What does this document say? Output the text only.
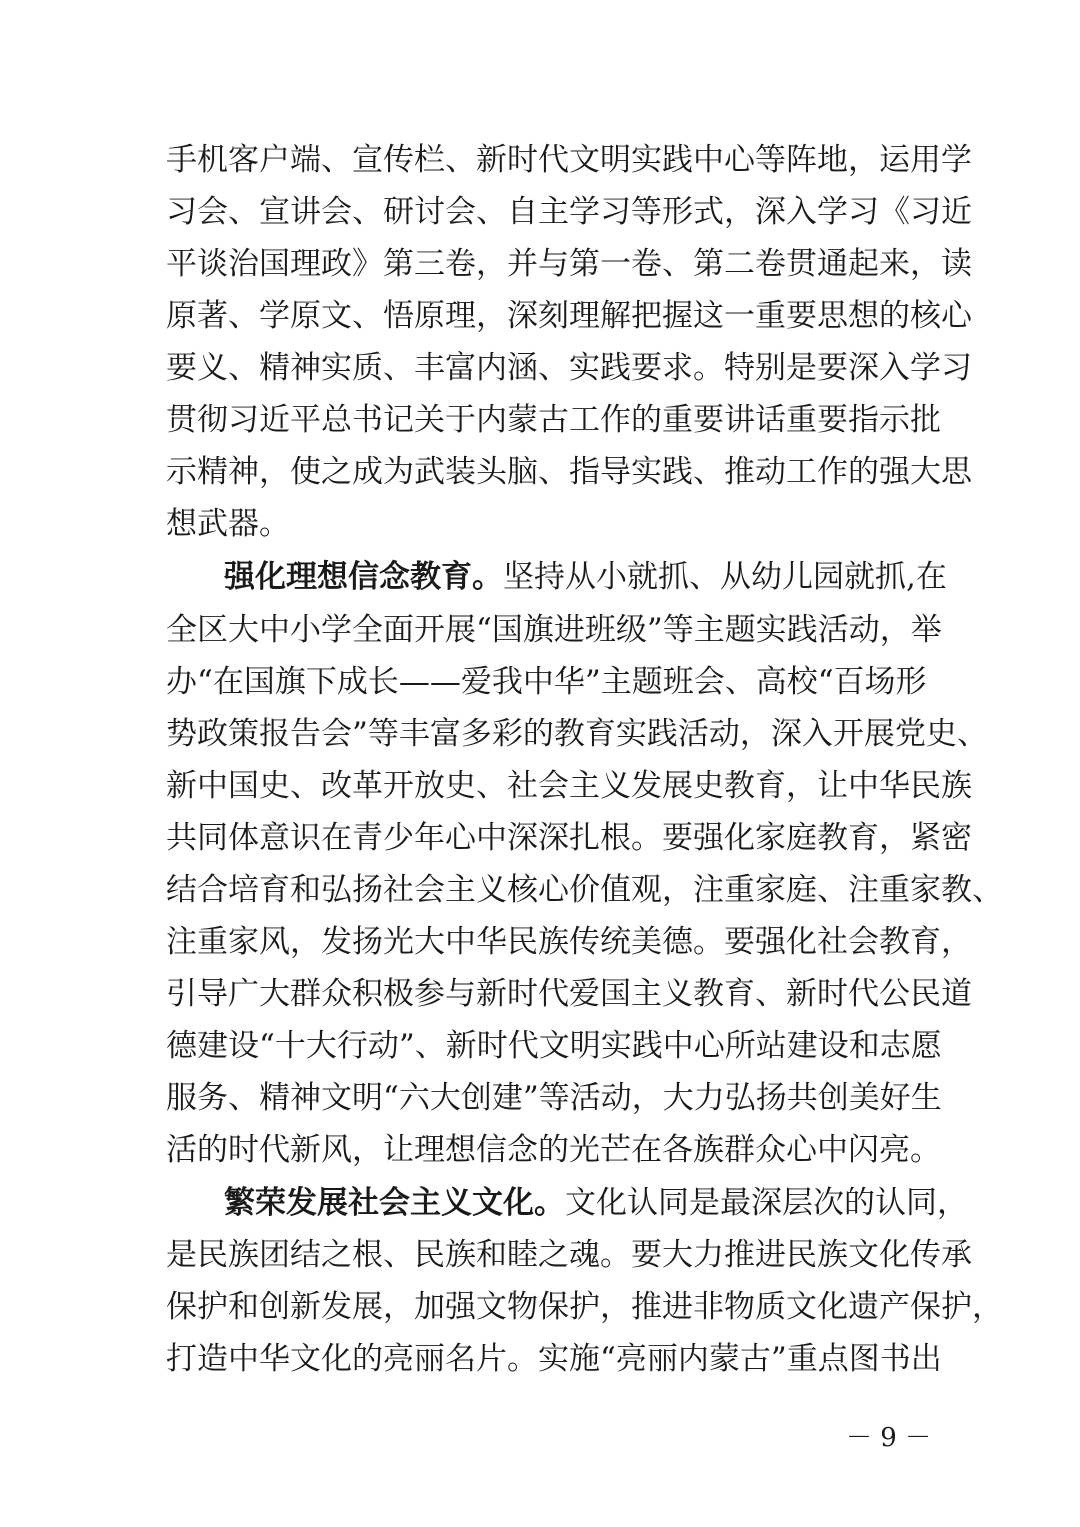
手机客户端、宣传栏、新时代文明实践中心等阵地，运用学
习会、宣讲会、研讨会、自主学习等形式，深入学习《习近
平谈治国理政》第三卷，并与第一卷、第二卷贯通起来，读
原著、学原文、悟原理，深刻理解把握这一重要思想的核心
要义、精神实质、丰富内涵、实践要求。特别是要深入学习
贯彻习近平总书记关于内蒙古工作的重要讲话重要指示批
示精神，使之成为武装头脑、指导实践、推动工作的强大思
想武器。
强化理想信念教育。坚持从小就抓、从幼儿园就抓,在
全区大中小学全面开展“国旗进班级”等主题实践活动，举
办“在国旗下成长——爱我中华”主题班会、高校“百场形
势政策报告会”等丰富多彩的教育实践活动，深入开展党史、
新中国史、改革开放史、社会主义发展史教育，让中华民族
共同体意识在青少年心中深深扎根。要强化家庭教育，紧密
结合培育和弘扬社会主义核心价值观，注重家庭、注重家教、
注重家风，发扬光大中华民族传统美德。要强化社会教育，
引导广大群众积极参与新时代爱国主义教育、新时代公民道
德建设“十大行动”、新时代文明实践中心所站建设和志愿
服务、精神文明“六大创建”等活动，大力弘扬共创美好生
活的时代新风，让理想信念的光芒在各族群众心中闪亮。
繁荣发展社会主义文化。文化认同是最深层次的认同，
是民族团结之根、民族和睦之魂。要大力推进民族文化传承
保护和创新发展，加强文物保护，推进非物质文化遗产保护，
打造中华文化的亮丽名片。实施“亮丽内蒙古”重点图书出
－ 9 －
